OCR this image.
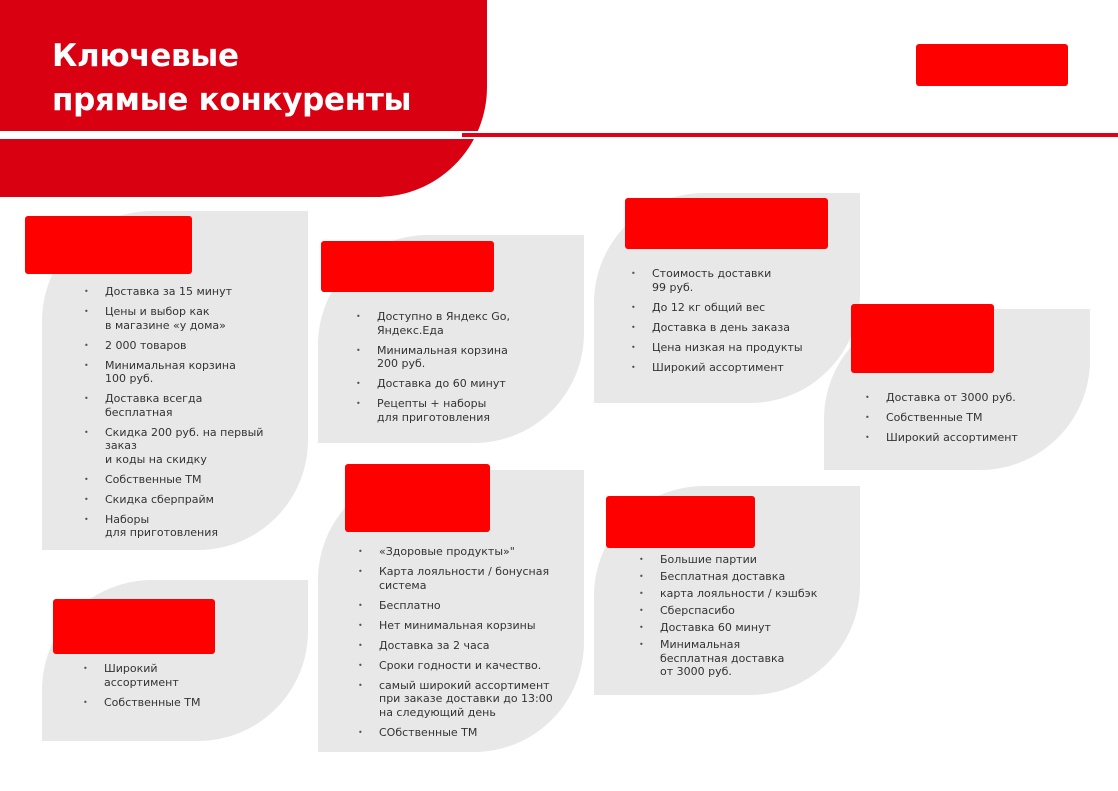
Ключевые
прямые конкуренты
• Доставка за 15 минут
• Цены и выбор как
в магазине «у дома»
• 2 000 товаров
• Минимальная корзина
100 руб.
• Доставка всегда
бесплатная
• Скидка 200 руб. на первый заказ
и коды на скидку
• Собственные ТМ
• Скидка сберпрайм
• Наборы
для приготовления
• Доступно в Яндекс Go,
Яндекс.Еда
• Минимальная корзина
200 руб.
• Доставка до 60 минут
• Рецепты + наборы
для приготовления
• Стоимость доставки
99 руб.
• До 12 кг общий вес
• Доставка в день заказа
• Цена низкая на продукты
• Широкий ассортимент
• Доставка от 3000 руб.
• Собственные ТМ
• Широкий ассортимент
• Широкий
ассортимент
• Собственные ТМ
• «Здоровые продукты»"
• Карта лояльности / бонусная
система
• Бесплатно
• Нет минимальная корзины
• Доставка за 2 часа
• Сроки годности и качество.
• самый широкий ассортимент
при заказе доставки до 13:00
на следующий день
• СОбственные ТМ
• Большие партии
• Бесплатная доставка
• карта лояльности / кэшбэк
• Сберспасибо
• Доставка 60 минут
• Минимальная
бесплатная доставка
от 3000 руб.
